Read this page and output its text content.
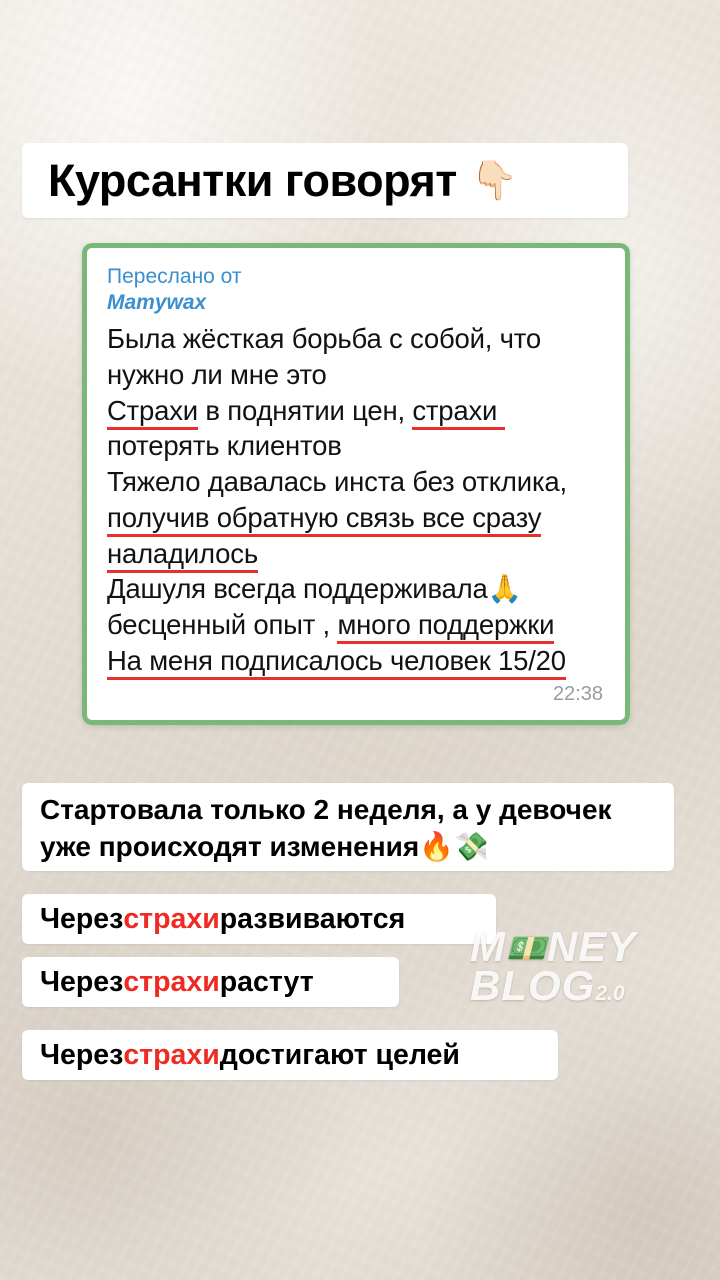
Курсантки говорят 👇🏻
Переслано от
Mamywax

Была жёсткая борьба с собой, что

нужно ли мне это

Страхи в поднятии цен, страхи

потерять клиентов

Тяжело давалась инста без отклика,

получив обратную связь все сразу

наладилось

Дашуля всегда поддерживала🙏

бесценный опыт , много поддержки

На меня подписалось человек 15/20

22:38
Стартовала только 2 неделя, а у девочек
уже происходят изменения🔥💸
Через страхи развиваются
Через страхи растут
Через страхи достигают целей
M💵NEY
BLOG2.0
